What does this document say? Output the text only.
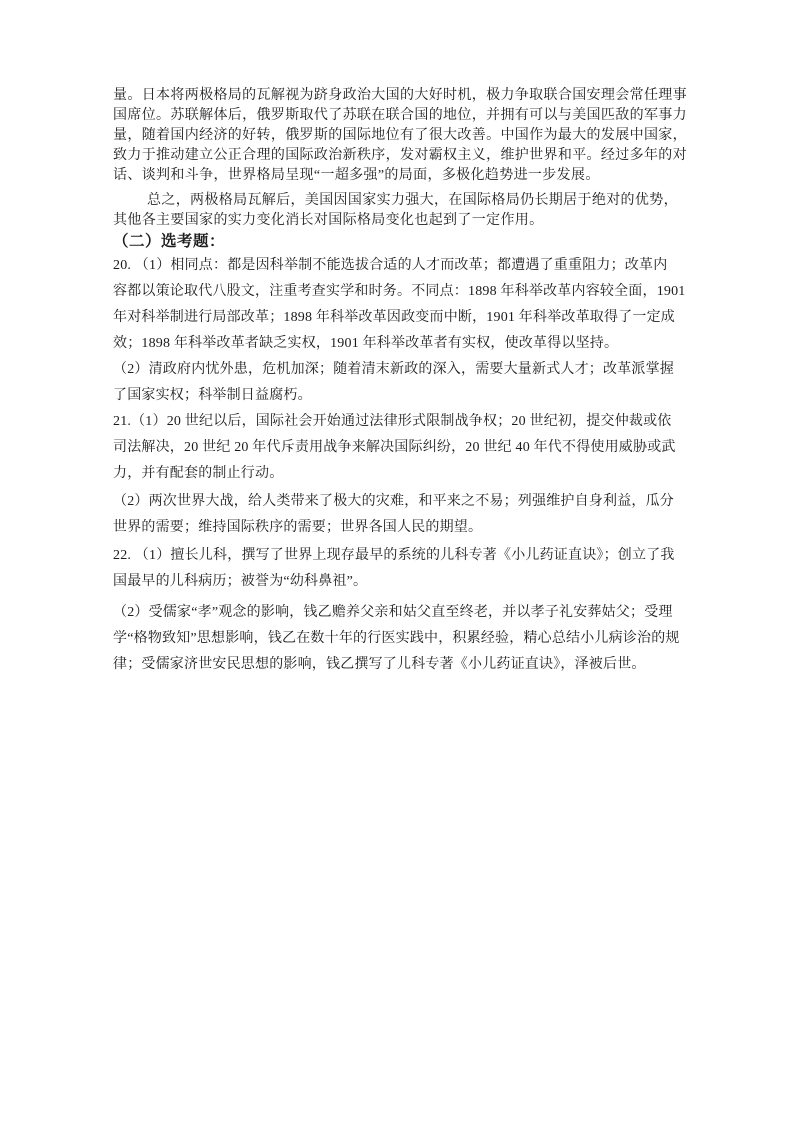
量。日本将两极格局的瓦解视为跻身政治大国的大好时机，极力争取联合国安理会常任理事
国席位。苏联解体后，俄罗斯取代了苏联在联合国的地位，并拥有可以与美国匹敌的军事力
量，随着国内经济的好转，俄罗斯的国际地位有了很大改善。中国作为最大的发展中国家，
致力于推动建立公正合理的国际政治新秩序，发对霸权主义，维护世界和平。经过多年的对
话、谈判和斗争，世界格局呈现“一超多强”的局面，多极化趋势进一步发展。
总之，两极格局瓦解后，美国因国家实力强大，在国际格局仍长期居于绝对的优势，
其他各主要国家的实力变化消长对国际格局变化也起到了一定作用。
（二）选考题：
20. （1）相同点：都是因科举制不能选拔合适的人才而改革；都遭遇了重重阻力；改革内
容都以策论取代八股文，注重考查实学和时务。不同点：1898 年科举改革内容较全面，1901
年对科举制进行局部改革；1898 年科举改革因政变而中断，1901 年科举改革取得了一定成
效；1898 年科举改革者缺乏实权，1901 年科举改革者有实权，使改革得以坚持。
（2）清政府内忧外患，危机加深；随着清末新政的深入，需要大量新式人才；改革派掌握
了国家实权；科举制日益腐朽。
21.（1）20 世纪以后，国际社会开始通过法律形式限制战争权；20 世纪初，提交仲裁或依
司法解决，20 世纪 20 年代斥责用战争来解决国际纠纷，20 世纪 40 年代不得使用威胁或武
力，并有配套的制止行动。
（2）两次世界大战，给人类带来了极大的灾难，和平来之不易；列强维护自身利益，瓜分
世界的需要；维持国际秩序的需要；世界各国人民的期望。
22. （1）擅长儿科，撰写了世界上现存最早的系统的儿科专著《小儿药证直诀》；创立了我
国最早的儿科病历；被誉为“幼科鼻祖”。
（2）受儒家“孝”观念的影响，钱乙赡养父亲和姑父直至终老，并以孝子礼安葬姑父；受理
学“格物致知”思想影响，钱乙在数十年的行医实践中，积累经验，精心总结小儿病诊治的规
律；受儒家济世安民思想的影响，钱乙撰写了儿科专著《小儿药证直诀》，泽被后世。
